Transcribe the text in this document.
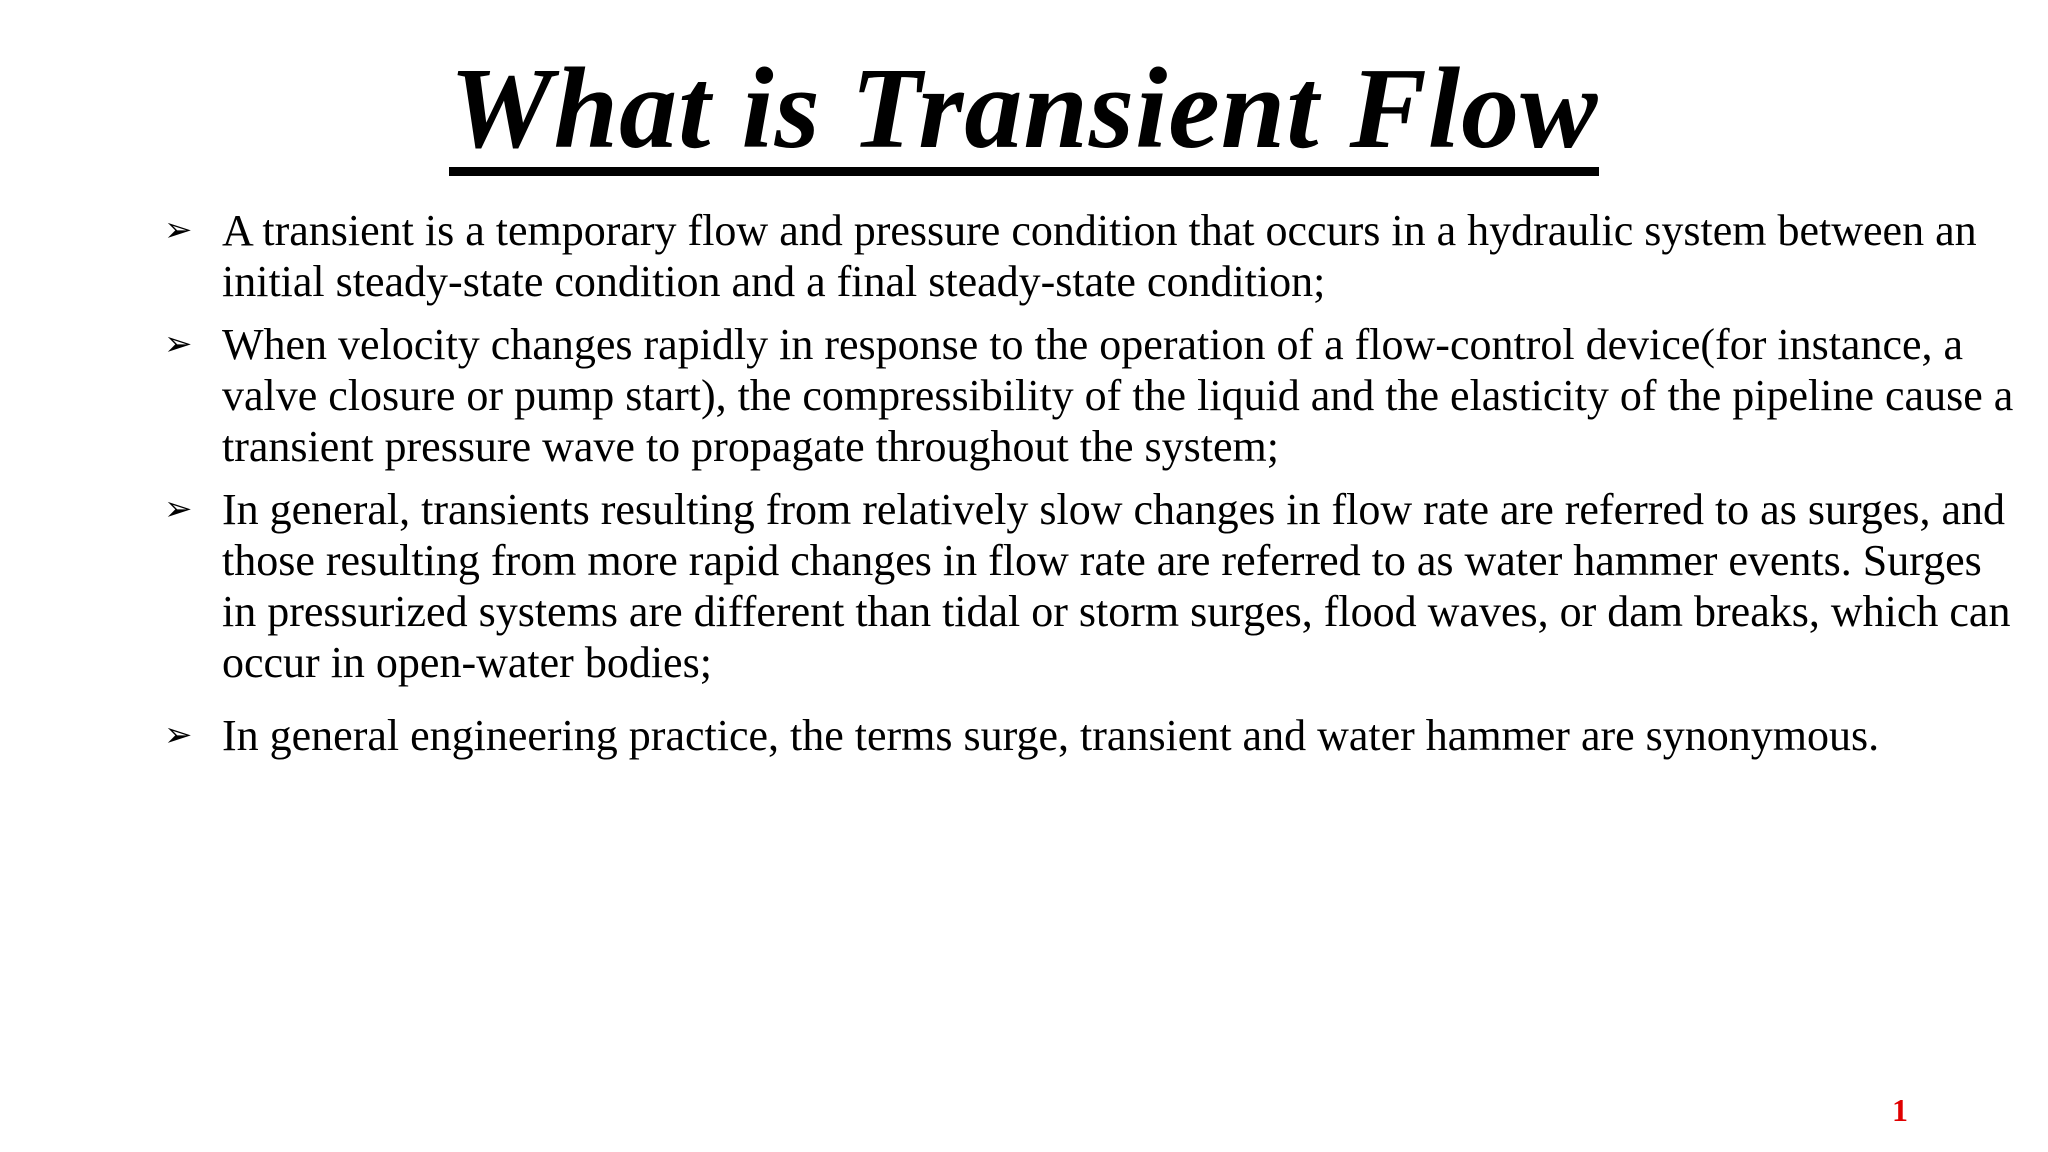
What is Transient Flow
➢ A transient is a temporary flow and pressure condition that occurs in a hydraulic system between an initial steady-state condition and a final steady-state condition;
➢ When velocity changes rapidly in response to the operation of a flow-control device(for instance, a valve closure or pump start), the compressibility of the liquid and the elasticity of the pipeline cause a transient pressure wave to propagate throughout the system;
➢ In general, transients resulting from relatively slow changes in flow rate are referred to as surges, and those resulting from more rapid changes in flow rate are referred to as water hammer events. Surges in pressurized systems are different than tidal or storm surges, flood waves, or dam breaks, which can occur in open-water bodies;
➢ In general engineering practice, the terms surge, transient and water hammer are synonymous.
1
